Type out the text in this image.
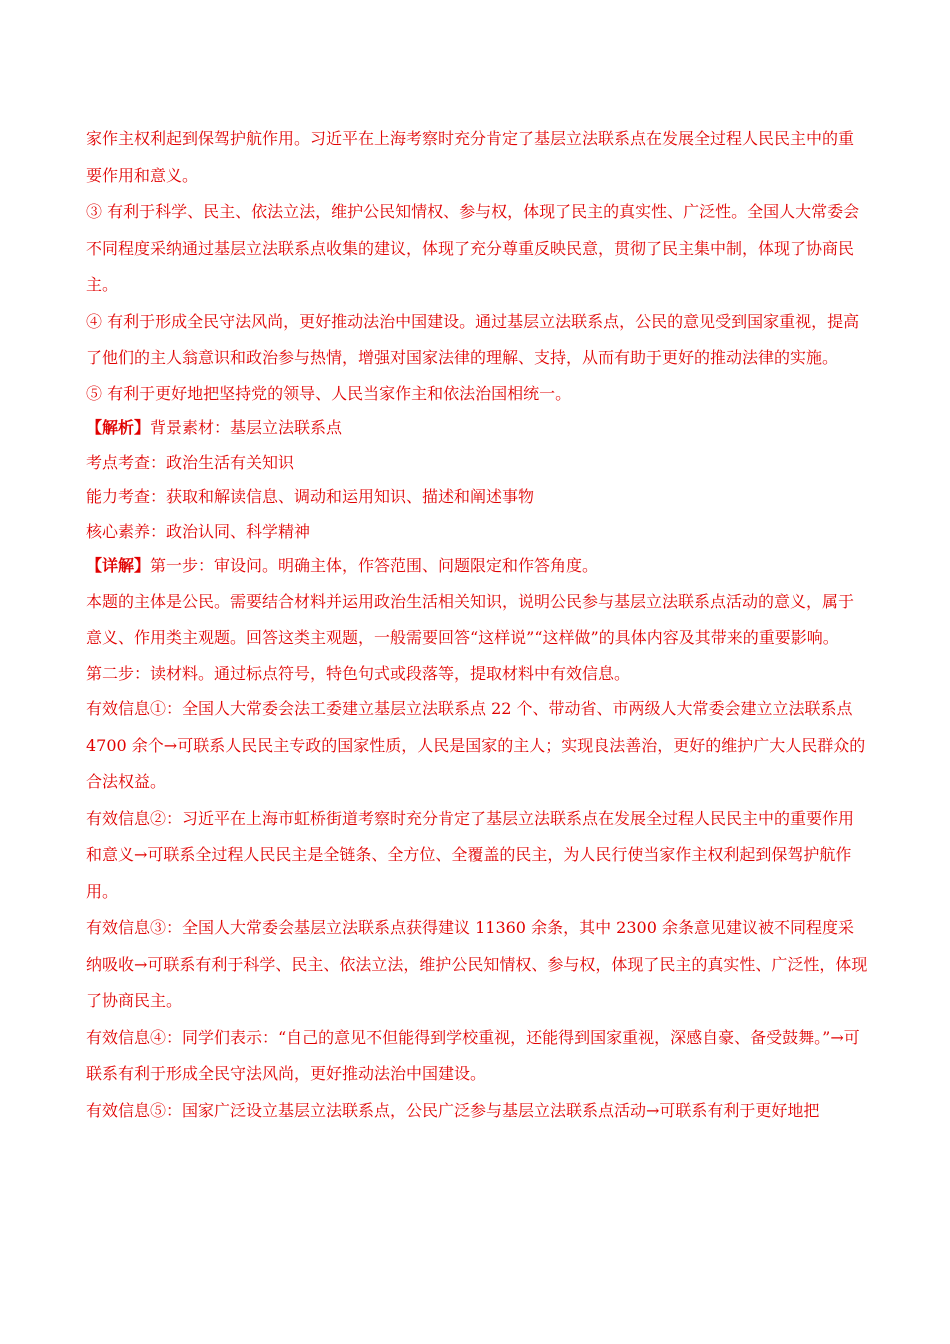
家作主权利起到保驾护航作用。习近平在上海考察时充分肯定了基层立法联系点在发展全过程人民民主中的重要作用和意义。

③ 有利于科学、民主、依法立法，维护公民知情权、参与权，体现了民主的真实性、广泛性。全国人大常委会不同程度采纳通过基层立法联系点收集的建议，体现了充分尊重反映民意，贯彻了民主集中制，体现了协商民主。

④ 有利于形成全民守法风尚，更好推动法治中国建设。通过基层立法联系点，公民的意见受到国家重视，提高了他们的主人翁意识和政治参与热情，增强对国家法律的理解、支持，从而有助于更好的推动法律的实施。

⑤ 有利于更好地把坚持党的领导、人民当家作主和依法治国相统一。

【解析】背景素材：基层立法联系点

考点考查：政治生活有关知识

能力考查：获取和解读信息、调动和运用知识、描述和阐述事物

核心素养：政治认同、科学精神

【详解】第一步：审设问。明确主体，作答范围、问题限定和作答角度。

本题的主体是公民。需要结合材料并运用政治生活相关知识，说明公民参与基层立法联系点活动的意义，属于意义、作用类主观题。回答这类主观题，一般需要回答“这样说”“这样做”的具体内容及其带来的重要影响。

第二步：读材料。通过标点符号，特色句式或段落等，提取材料中有效信息。

有效信息①：全国人大常委会法工委建立基层立法联系点 22 个、带动省、市两级人大常委会建立立法联系点 4700 余个→可联系人民民主专政的国家性质，人民是国家的主人；实现良法善治，更好的维护广大人民群众的合法权益。

有效信息②：习近平在上海市虹桥街道考察时充分肯定了基层立法联系点在发展全过程人民民主中的重要作用和意义→可联系全过程人民民主是全链条、全方位、全覆盖的民主，为人民行使当家作主权利起到保驾护航作用。

有效信息③：全国人大常委会基层立法联系点获得建议 11360 余条，其中 2300 余条意见建议被不同程度采纳吸收→可联系有利于科学、民主、依法立法，维护公民知情权、参与权，体现了民主的真实性、广泛性，体现了协商民主。

有效信息④：同学们表示：“自己的意见不但能得到学校重视，还能得到国家重视，深感自豪、备受鼓舞。”→可联系有利于形成全民守法风尚，更好推动法治中国建设。

有效信息⑤：国家广泛设立基层立法联系点，公民广泛参与基层立法联系点活动→可联系有利于更好地把
